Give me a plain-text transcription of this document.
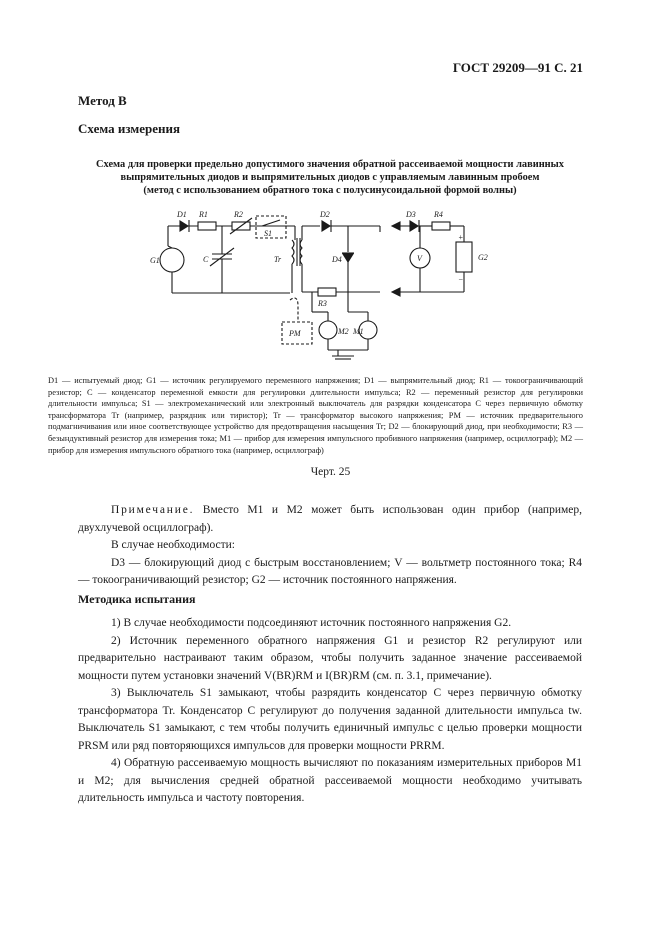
ГОСТ 29209—91 С. 21
Метод В
Схема измерения
Схема для проверки предельно допустимого значения обратной рассеиваемой мощности лавинных
выпрямительных диодов и выпрямительных диодов с управляемым лавинным пробоем
(метод с использованием обратного тока с полусинусоидальной формой волны)
D1 R1	R2
S1
D2	D3 R4
G1	C	Tr	D4	V	G2
+
−
R3
PM	M2 M1
D1 — испытуемый диод; G1 — источник регулируемого переменного напряжения; D1 — выпрямительный диод; R1 — токоограничивающий резистор; C — конденсатор переменной емкости для регулировки длительности импульса; R2 — переменный резистор для регулировки длительности импульса; S1 — электромеханический или электронный выключатель для разрядки конденсатора C через первичную обмотку трансформатора Tr (например, разрядник или тиристор); Tr — трансформатор высокого напряжения; PM — источник предварительного подмагничивания или иное соответствующее устройство для предотвращения насыщения Tr; D2 — блокирующий диод, при необходимости; R3 — безындуктивный резистор для измерения тока; M1 — прибор для измерения импульсного пробивного напряжения (например, осциллограф); M2 — прибор для измерения импульсного обратного тока (например, осциллограф)
Черт. 25

Примечание. Вместо M1 и M2 может быть использован один прибор (например, двухлучевой осциллограф).

В случае необходимости:

D3 — блокирующий диод с быстрым восстановлением; V — вольтметр постоянного тока; R4 — токоограничивающий резистор; G2 — источник постоянного напряжения.

Методика испытания

1) В случае необходимости подсоединяют источник постоянного напряжения G2.

2) Источник переменного обратного напряжения G1 и резистор R2 регулируют или предварительно настраивают таким образом, чтобы получить заданное значение рассеиваемой мощности путем установки значений V(BR)RM и I(BR)RM (см. п. 3.1, примечание).

3) Выключатель S1 замыкают, чтобы разрядить конденсатор C через первичную обмотку трансформатора Tr. Конденсатор C регулируют до получения заданной длительности импульса tw. Выключатель S1 замыкают, с тем чтобы получить единичный импульс с целью проверки мощности PRSM или ряд повторяющихся импульсов для проверки мощности PRRM.

4) Обратную рассеиваемую мощность вычисляют по показаниям измерительных приборов M1 и M2; для вычисления средней обратной рассеиваемой мощности необходимо учитывать длительность импульса и частоту повторения.
